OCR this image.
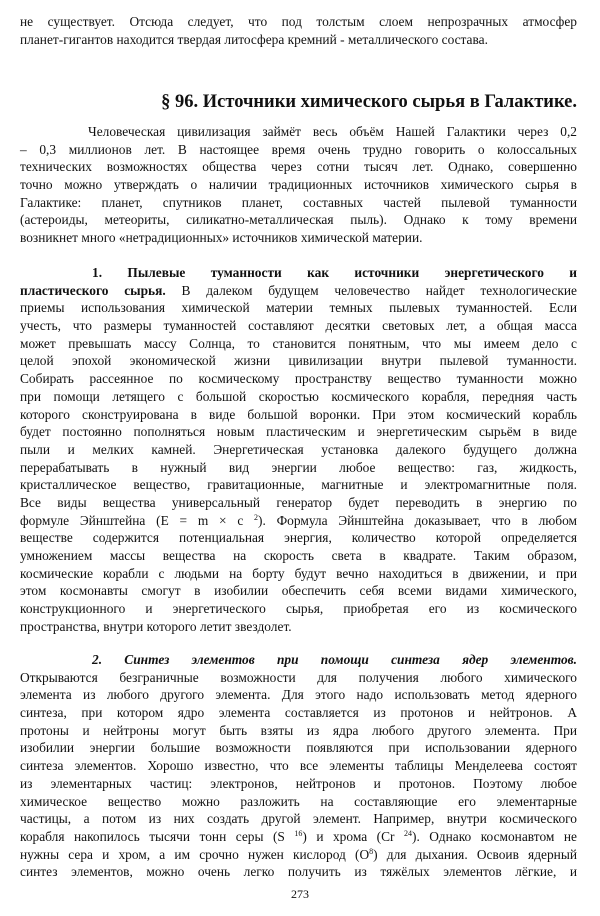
не существует. Отсюда следует, что под толстым слоем непрозрачных атмосфер
планет-гигантов находится твердая литосфера кремний - металлического состава.
§ 96. Источники химического сырья в Галактике.
Человеческая цивилизация займёт весь объём Нашей Галактики через 0,2
– 0,3 миллионов лет. В настоящее время очень трудно говорить о колоссальных
технических возможностях общества через сотни тысяч лет. Однако, совершенно
точно можно утверждать о наличии традиционных источников химического сырья в
Галактике: планет, спутников планет, составных частей пылевой туманности
(астероиды, метеориты, силикатно-металлическая пыль). Однако к тому времени
возникнет много «нетрадиционных» источников химической материи.
1. Пылевые туманности как источники энергетического и
пластического сырья. В далеком будущем человечество найдет технологические
приемы использования химической материи темных пылевых туманностей. Если
учесть, что размеры туманностей составляют десятки световых лет, а общая масса
может превышать массу Солнца, то становится понятным, что мы имеем дело с
целой эпохой экономической жизни цивилизации внутри пылевой туманности.
Собирать рассеянное по космическому пространству вещество туманности можно
при помощи летящего с большой скоростью космического корабля, передняя часть
которого сконструирована в виде большой воронки. При этом космический корабль
будет постоянно пополняться новым пластическим и энергетическим сырьём в виде
пыли и мелких камней. Энергетическая установка далекого будущего должна
перерабатывать в нужный вид энергии любое вещество: газ, жидкость,
кристаллическое вещество, гравитационные, магнитные и электромагнитные поля.
Все виды вещества универсальный генератор будет переводить в энергию по
формуле Эйнштейна (Е = m × с $^2$). Формула Эйнштейна доказывает, что в любом
веществе содержится потенциальная энергия, количество которой определяется
умножением массы вещества на скорость света в квадрате. Таким образом,
космические корабли с людьми на борту будут вечно находиться в движении, и при
этом космонавты смогут в изобилии обеспечить себя всеми видами химического,
конструкционного и энергетического сырья, приобретая его из космического
пространства, внутри которого летит звездолет.
2. Синтез элементов при помощи синтеза ядер элементов.
Открываются безграничные возможности для получения любого химического
элемента из любого другого элемента. Для этого надо использовать метод ядерного
синтеза, при котором ядро элемента составляется из протонов и нейтронов. А
протоны и нейтроны могут быть взяты из ядра любого другого элемента. При
изобилии энергии большие возможности появляются при использовании ядерного
синтеза элементов. Хорошо известно, что все элементы таблицы Менделеева состоят
из элементарных частиц: электронов, нейтронов и протонов. Поэтому любое
химическое вещество можно разложить на составляющие его элементарные
частицы, а потом из них создать другой элемент. Например, внутри космического
корабля накопилось тысячи тонн серы (S $^{16}$) и хрома (Cr $^{24}$). Однако космонавтом не
нужны сера и хром, а им срочно нужен кислород $(O^8)$ для дыхания. Освоив ядерный
синтез элементов, можно очень легко получить из тяжёлых элементов лёгкие, и
273
